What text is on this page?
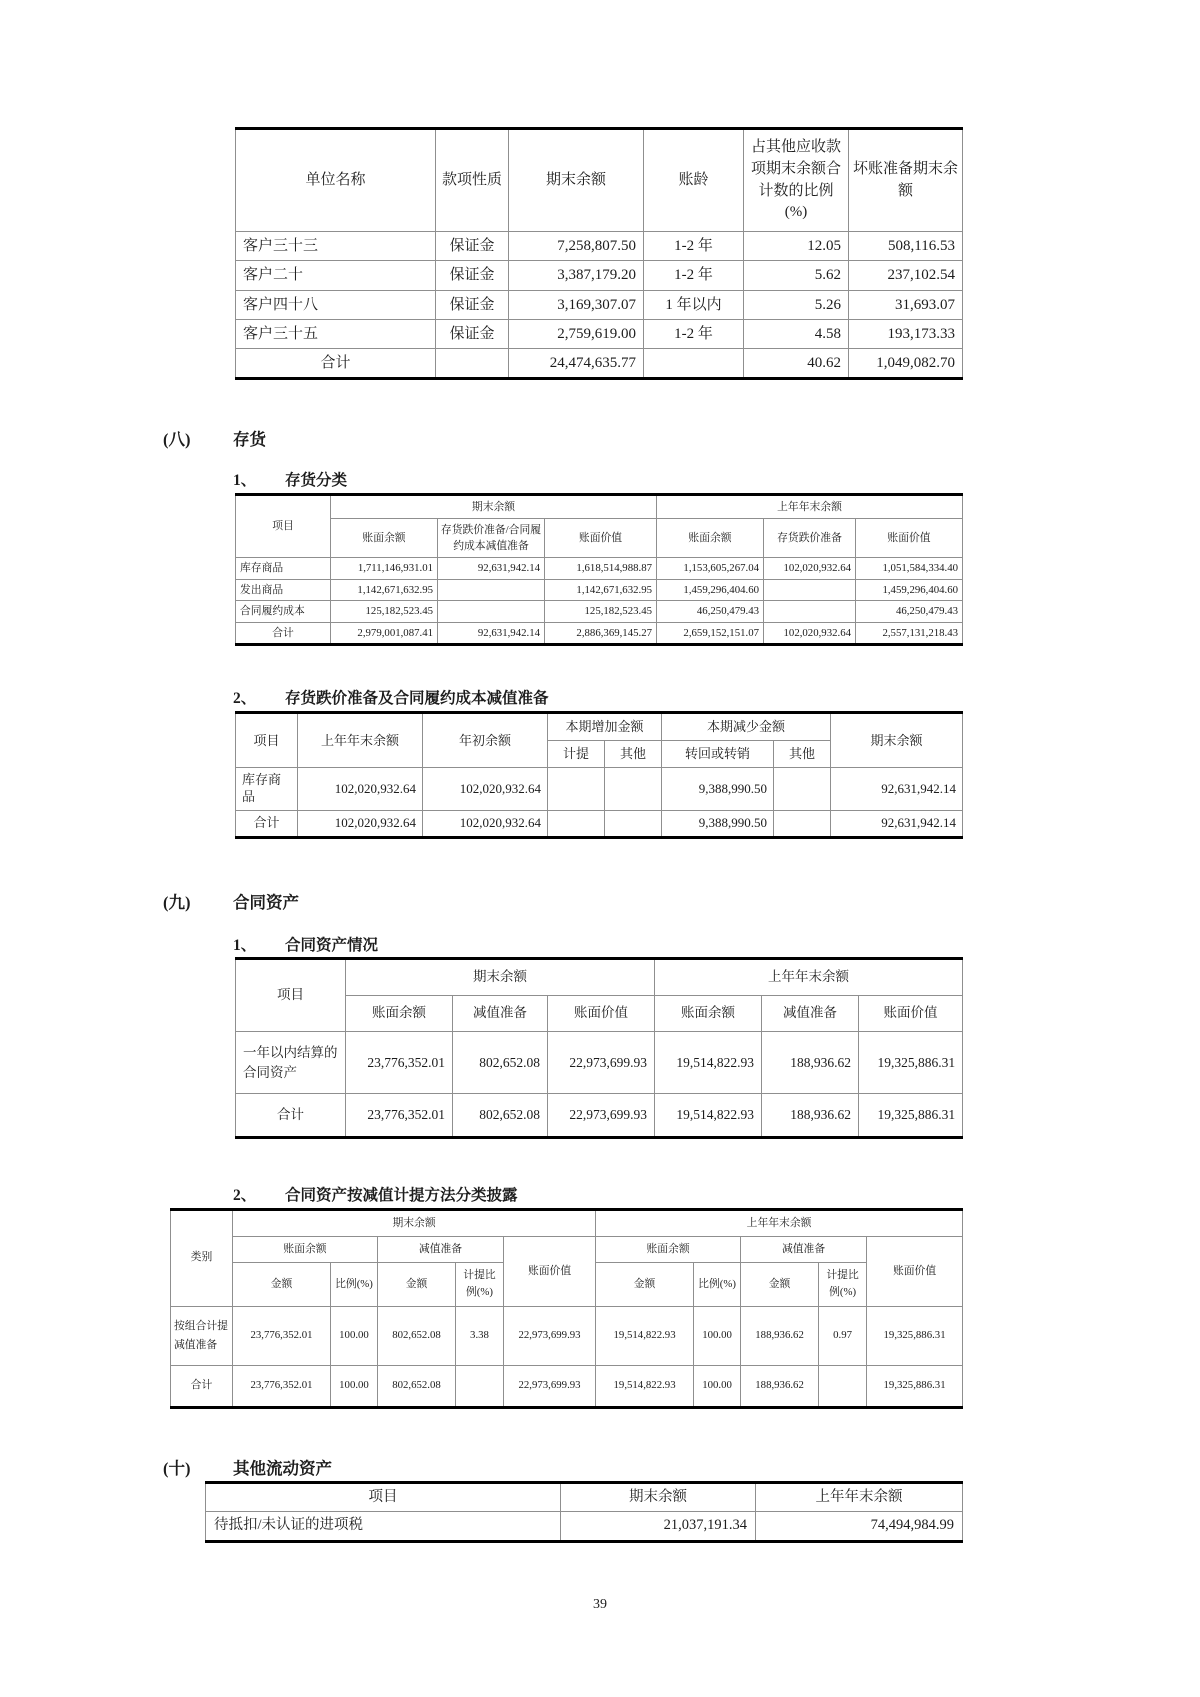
单位名称	款项性质	期末余额	账龄	占其他应收款项期末余额合计数的比例(%)	坏账准备期末余额
客户三十三	保证金	7,258,807.50	1-2 年	12.05	508,116.53
客户二十	保证金	3,387,179.20	1-2 年	5.62	237,102.54
客户四十八	保证金	3,169,307.07	1 年以内	5.26	31,693.07
客户三十五	保证金	2,759,619.00	1-2 年	4.58	193,173.33
合计		24,474,635.77		40.62	1,049,082.70
(八)	存货
1、 存货分类
项目	期末余额			上年年末余额		
	账面余额	存货跌价准备/合同履约成本减值准备	账面价值	账面余额	存货跌价准备	账面价值
库存商品	1,711,146,931.01	92,631,942.14	1,618,514,988.87	1,153,605,267.04	102,020,932.64	1,051,584,334.40
发出商品	1,142,671,632.95		1,142,671,632.95	1,459,296,404.60		1,459,296,404.60
合同履约成本	125,182,523.45		125,182,523.45	46,250,479.43		46,250,479.43
合计	2,979,001,087.41	92,631,942.14	2,886,369,145.27	2,659,152,151.07	102,020,932.64	2,557,131,218.43
2、 存货跌价准备及合同履约成本减值准备
项目	上年年末余额	年初余额	本期增加金额		本期减少金额		期末余额
			计提	其他	转回或转销	其他	
库存商品	102,020,932.64	102,020,932.64			9,388,990.50		92,631,942.14
合计	102,020,932.64	102,020,932.64			9,388,990.50		92,631,942.14
(九)	合同资产
1、 合同资产情况
项目	期末余额			上年年末余额		
	账面余额	减值准备	账面价值	账面余额	减值准备	账面价值
一年以内结算的合同资产	23,776,352.01	802,652.08	22,973,699.93	19,514,822.93	188,936.62	19,325,886.31
合计	23,776,352.01	802,652.08	22,973,699.93	19,514,822.93	188,936.62	19,325,886.31
2、 合同资产按减值计提方法分类披露
类别	期末余额					上年年末余额				
	账面余额		减值准备		账面价值	账面余额		减值准备		账面价值
	金额	比例(%)	金额	计提比例(%)		金额	比例(%)	金额	计提比例(%)	
按组合计提减值准备	23,776,352.01	100.00	802,652.08	3.38	22,973,699.93	19,514,822.93	100.00	188,936.62	0.97	19,325,886.31
合计	23,776,352.01	100.00	802,652.08		22,973,699.93	19,514,822.93	100.00	188,936.62		19,325,886.31
(十)	其他流动资产
项目	期末余额	上年年末余额
待抵扣/未认证的进项税	21,037,191.34	74,494,984.99
39
